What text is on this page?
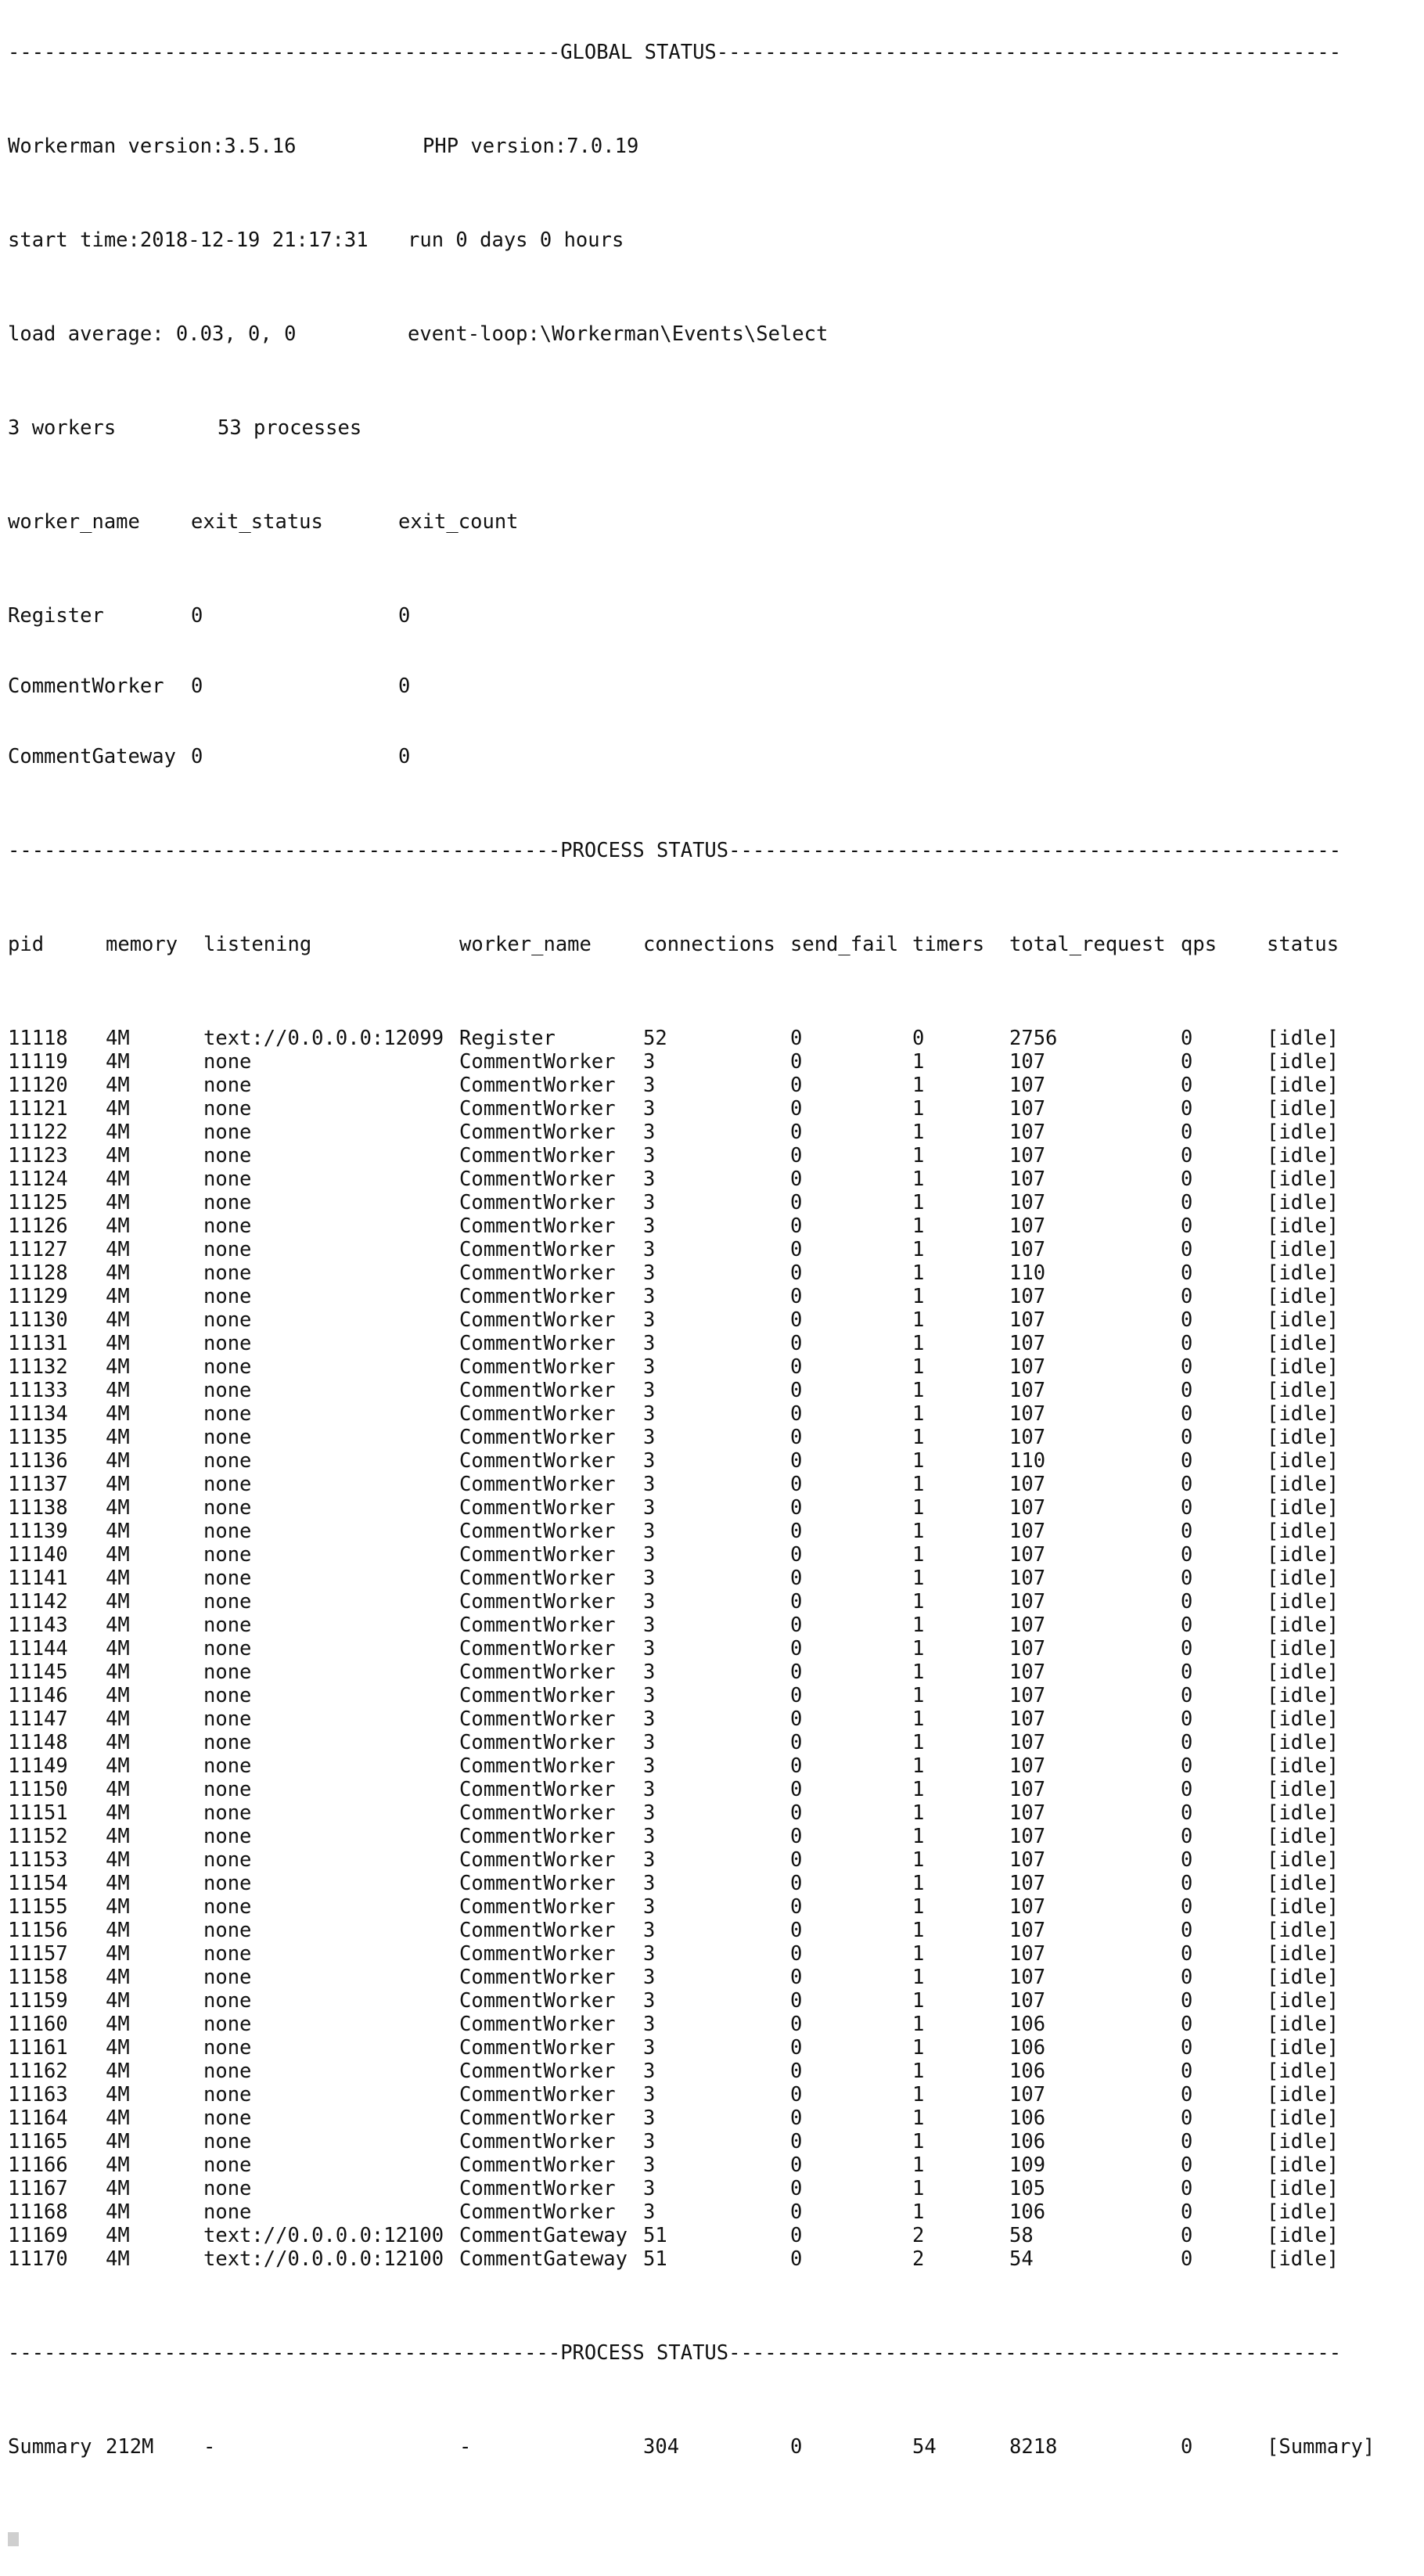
----------------------------------------------GLOBAL STATUS----------------------------------------------------

Workerman version:3.5.16	PHP version:7.0.19

start time:2018-12-19 21:17:31	run 0 days 0 hours

load average: 0.03, 0, 0	event-loop:\Workerman\Events\Select

3 workers	53 processes

worker_name	exit_status	exit_count

Register	0	0

CommentWorker	0	0

CommentGateway 0	0

----------------------------------------------PROCESS STATUS---------------------------------------------------

pid	memory	listening	worker_name	connections send_fail timers	total_request qps	status

11118	4M	text://0.0.0.0:12099 Register	52	0	0	2756	0	[idle]
11119	4M	none	CommentWorker	3	0	1	107	0	[idle]
11120	4M	none	CommentWorker	3	0	1	107	0	[idle]
11121	4M	none	CommentWorker	3	0	1	107	0	[idle]
11122	4M	none	CommentWorker	3	0	1	107	0	[idle]
11123	4M	none	CommentWorker	3	0	1	107	0	[idle]
11124	4M	none	CommentWorker	3	0	1	107	0	[idle]
11125	4M	none	CommentWorker	3	0	1	107	0	[idle]
11126	4M	none	CommentWorker	3	0	1	107	0	[idle]
11127	4M	none	CommentWorker	3	0	1	107	0	[idle]
11128	4M	none	CommentWorker	3	0	1	110	0	[idle]
11129	4M	none	CommentWorker	3	0	1	107	0	[idle]
11130	4M	none	CommentWorker	3	0	1	107	0	[idle]
11131	4M	none	CommentWorker	3	0	1	107	0	[idle]
11132	4M	none	CommentWorker	3	0	1	107	0	[idle]
11133	4M	none	CommentWorker	3	0	1	107	0	[idle]
11134	4M	none	CommentWorker	3	0	1	107	0	[idle]
11135	4M	none	CommentWorker	3	0	1	107	0	[idle]
11136	4M	none	CommentWorker	3	0	1	110	0	[idle]
11137	4M	none	CommentWorker	3	0	1	107	0	[idle]
11138	4M	none	CommentWorker	3	0	1	107	0	[idle]
11139	4M	none	CommentWorker	3	0	1	107	0	[idle]
11140	4M	none	CommentWorker	3	0	1	107	0	[idle]
11141	4M	none	CommentWorker	3	0	1	107	0	[idle]
11142	4M	none	CommentWorker	3	0	1	107	0	[idle]
11143	4M	none	CommentWorker	3	0	1	107	0	[idle]
11144	4M	none	CommentWorker	3	0	1	107	0	[idle]
11145	4M	none	CommentWorker	3	0	1	107	0	[idle]
11146	4M	none	CommentWorker	3	0	1	107	0	[idle]
11147	4M	none	CommentWorker	3	0	1	107	0	[idle]
11148	4M	none	CommentWorker	3	0	1	107	0	[idle]
11149	4M	none	CommentWorker	3	0	1	107	0	[idle]
11150	4M	none	CommentWorker	3	0	1	107	0	[idle]
11151	4M	none	CommentWorker	3	0	1	107	0	[idle]
11152	4M	none	CommentWorker	3	0	1	107	0	[idle]
11153	4M	none	CommentWorker	3	0	1	107	0	[idle]
11154	4M	none	CommentWorker	3	0	1	107	0	[idle]
11155	4M	none	CommentWorker	3	0	1	107	0	[idle]
11156	4M	none	CommentWorker	3	0	1	107	0	[idle]
11157	4M	none	CommentWorker	3	0	1	107	0	[idle]
11158	4M	none	CommentWorker	3	0	1	107	0	[idle]
11159	4M	none	CommentWorker	3	0	1	107	0	[idle]
11160	4M	none	CommentWorker	3	0	1	106	0	[idle]
11161	4M	none	CommentWorker	3	0	1	106	0	[idle]
11162	4M	none	CommentWorker	3	0	1	106	0	[idle]
11163	4M	none	CommentWorker	3	0	1	107	0	[idle]
11164	4M	none	CommentWorker	3	0	1	106	0	[idle]
11165	4M	none	CommentWorker	3	0	1	106	0	[idle]
11166	4M	none	CommentWorker	3	0	1	109	0	[idle]
11167	4M	none	CommentWorker	3	0	1	105	0	[idle]
11168	4M	none	CommentWorker	3	0	1	106	0	[idle]
11169	4M	text://0.0.0.0:12100 CommentGateway 51	0	2	58	0	[idle]
11170	4M	text://0.0.0.0:12100 CommentGateway 51	0	2	54	0	[idle]

----------------------------------------------PROCESS STATUS---------------------------------------------------

Summary 212M	-	-	304	0	54	8218	0	[Summary]
